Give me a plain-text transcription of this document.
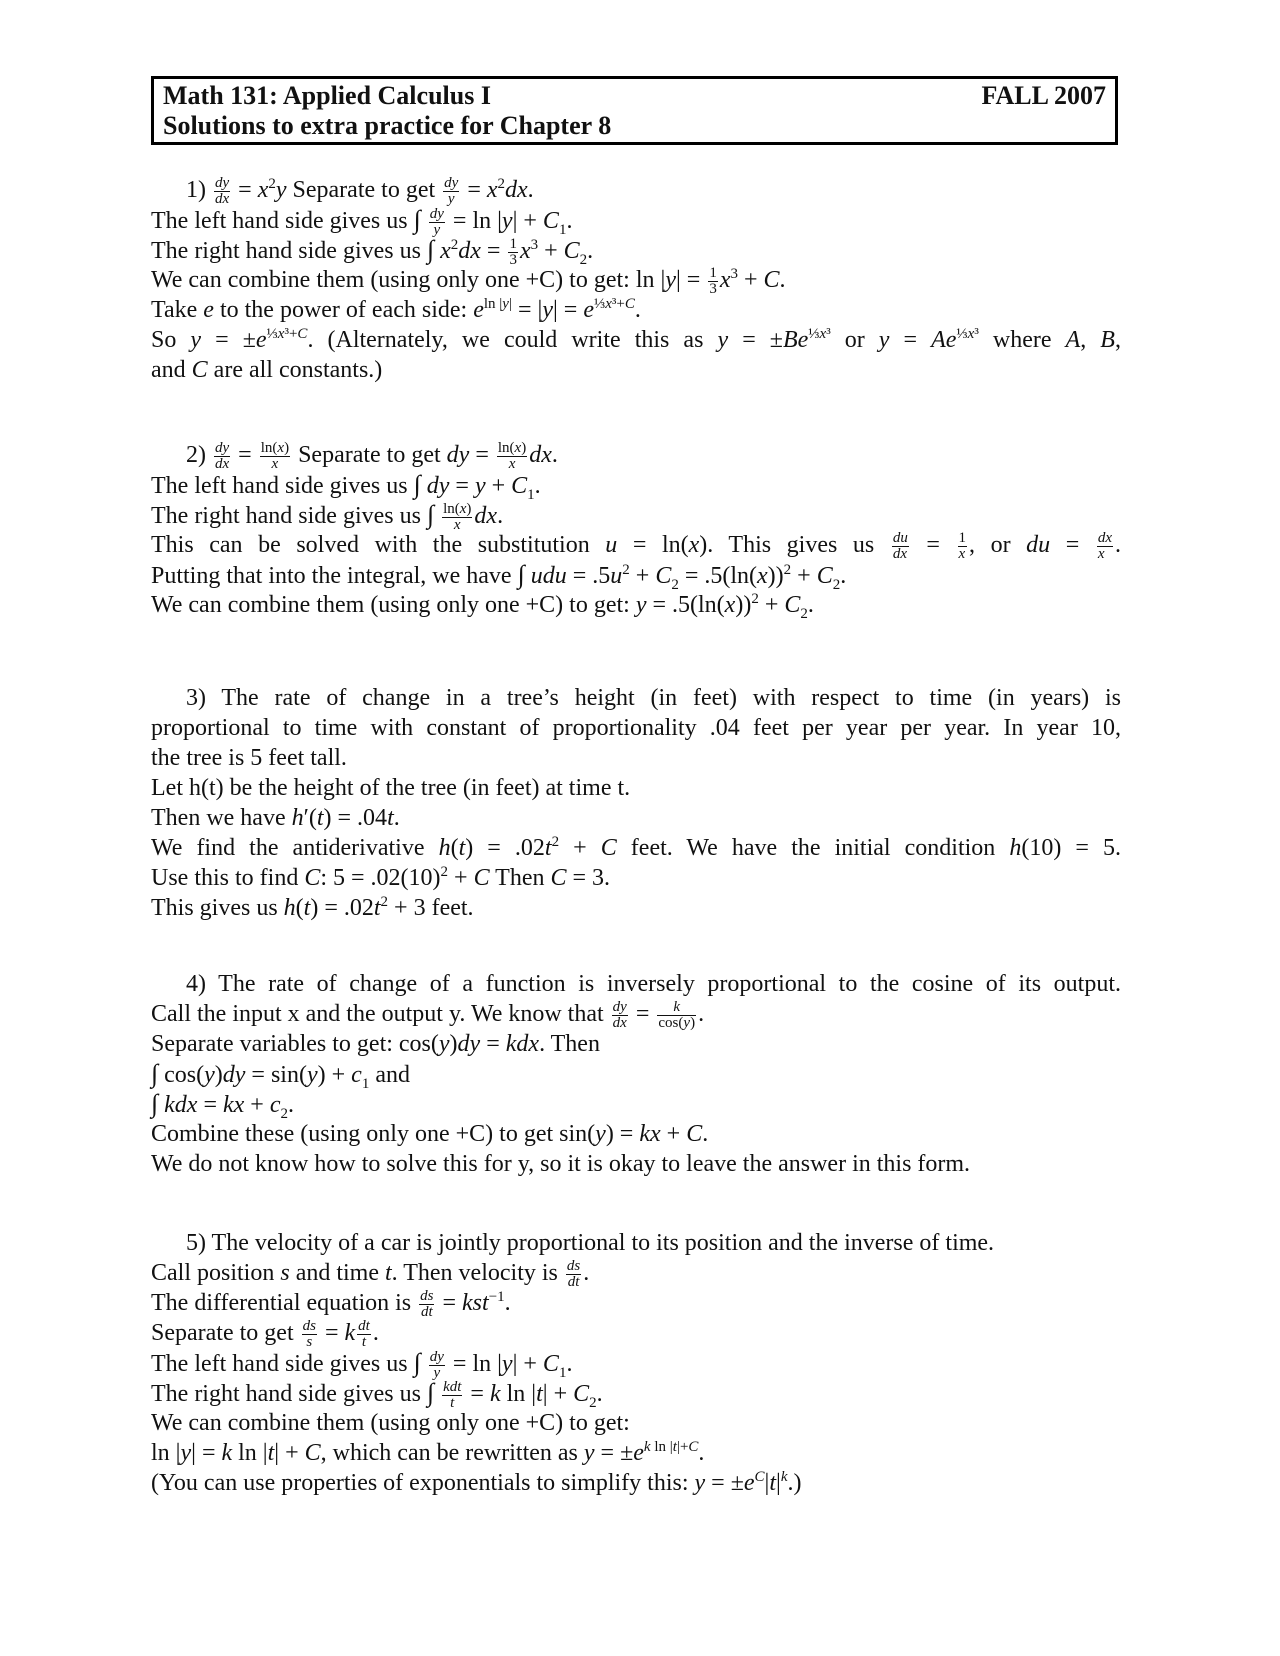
Math 131: Applied Calculus I
Solutions to extra practice for Chapter 8
FALL 2007
$1) \frac{dy}{dx} = x^2y$ Separate to get $\frac{dy}{y} = x^2dx$.
The left hand side gives us ∫ $\frac{dy}{y} = \ln |y| + C_1$.
The right hand side gives us ∫ $x^2dx = \frac{1}{3} x^3 + C_2$.
We can combine them (using only one +C) to get: $\ln |y| = \frac{1}{3} x^3 + C$.
Take e to the power of each side: $e^{ln |y|} = |y| = e^{\frac{1}{3}x^3+C}$.
So $y = \pm e^{\frac{1}{3}x^3+C}$. (Alternately, we could write this as $y = \pm Be^{\frac{1}{3}x^3}$ or $y = Ae^{\frac{1}{3}x^3}$ where A, B,
and C are all constants.)
$2) \frac{dy}{dx} = \frac{\ln(x)}{x}$ Separate to get dy = $\frac{\ln(x)}{x}$ dx.
The left hand side gives us ∫ dy = $y + C_1$.
The right hand side gives us ∫ $\frac{\ln(x)}{x}$ dx.
This can be solved with the substitution u = ln(x). This gives us $\frac{du}{dx} = \frac{1}{x}$ , or du = $\frac{dx}{x}$ .
Putting that into the integral, we have ∫ udu = $.5u^2 + C_2 = .5(\ln(x))^2 + C_2$.
We can combine them (using only one +C) to get: $y = .5(\ln(x))^2 + C_2$.
3) The rate of change in a tree’s height (in feet) with respect to time (in years) is
proportional to time with constant of proportionality .04 feet per year per year. In year 10,
the tree is 5 feet tall.
Let h(t) be the height of the tree (in feet) at time t.
Then we have h′(t) = .04t.
We find the antiderivative $h(t) = .02t^2 + C$ feet. We have the initial condition h(10) = 5.
Use this to find C: $5 = .02(10)^2 + C$ Then C = 3.
This gives us $h(t) = .02t^2 + 3$ feet.
4) The rate of change of a function is inversely proportional to the cosine of its output.
Call the input x and the output y. We know that $\frac{dy}{dx} = \frac{k}{\cos(y)}$ .
Separate variables to get: cos(y)dy = kdx. Then
∫ $\cos(y)dy = \sin(y) + c_1$ and
∫ kdx = kx + $c_2$.
Combine these (using only one +C) to get sin(y) = kx + C.
We do not know how to solve this for y, so it is okay to leave the answer in this form.
5) The velocity of a car is jointly proportional to its position and the inverse of time.
Call position s and time t. Then velocity is $\frac{ds}{dt}$ .
The differential equation is $\frac{ds}{dt} = kst^{-1}$.
Separate to get $\frac{ds}{s} = k \frac{dt}{t}$ .
The left hand side gives us ∫ $\frac{dy}{y} = \ln |y| + C_1$.
The right hand side gives us ∫ kdt
t = k $\ln |t| + C_2$.
We can combine them (using only one +C) to get:
ln |y| = k ln |t| + C, which can be rewritten as $y = \pm e^{k ln |t|+C}$.
(You can use properties of exponentials to simplify this: $y = \pm e^C|t|^k$.)
